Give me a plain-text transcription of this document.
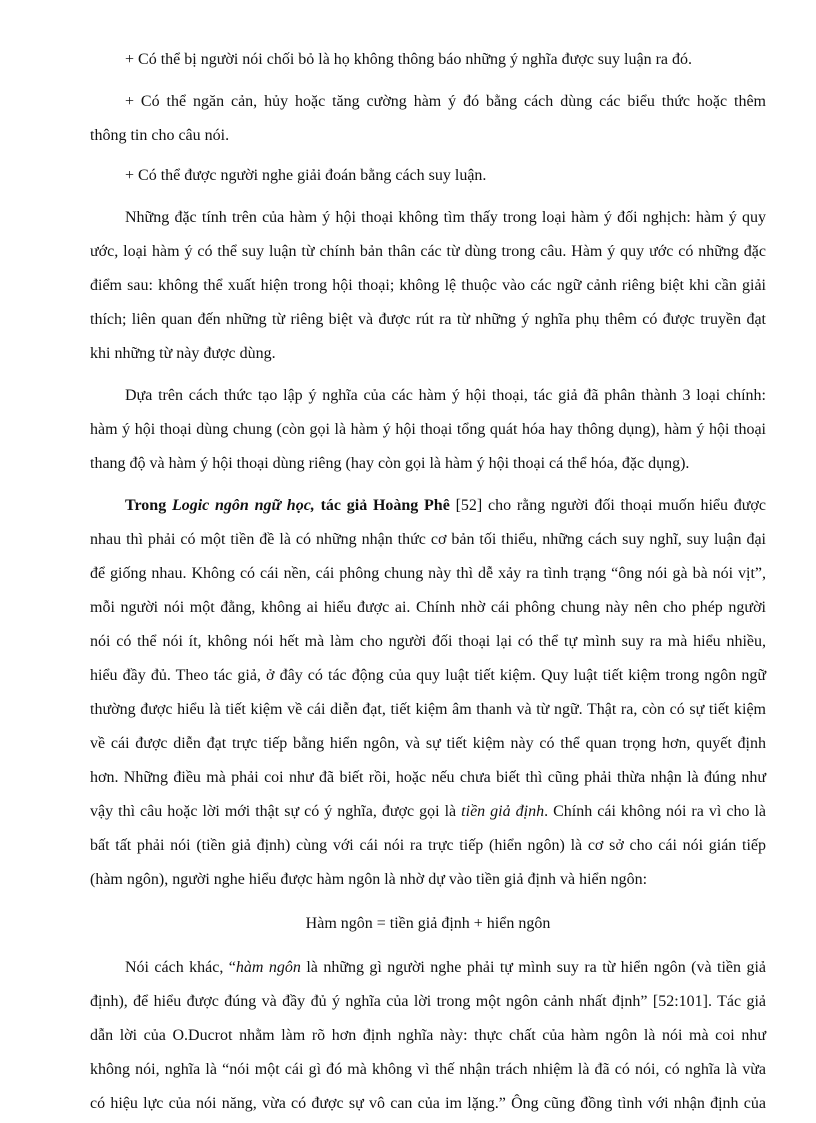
+ Có thể bị người nói chối bỏ là họ không thông báo những ý nghĩa được suy luận ra đó.
+ Có thể ngăn cản, hủy hoặc tăng cường hàm ý đó bằng cách dùng các biểu thức hoặc thêm
thông tin cho câu nói.
+ Có thể được người nghe giải đoán bằng cách suy luận.
Những đặc tính trên của hàm ý hội thoại không tìm thấy trong loại hàm ý đối nghịch: hàm ý quy
ước, loại hàm ý có thể suy luận từ chính bản thân các từ dùng trong câu. Hàm ý quy ước có những đặc
điểm sau: không thể xuất hiện trong hội thoại; không lệ thuộc vào các ngữ cảnh riêng biệt khi cần giải
thích; liên quan đến những từ riêng biệt và được rút ra từ những ý nghĩa phụ thêm có được truyền đạt
khi những từ này được dùng.
Dựa trên cách thức tạo lập ý nghĩa của các hàm ý hội thoại, tác giả đã phân thành 3 loại chính:
hàm ý hội thoại dùng chung (còn gọi là hàm ý hội thoại tổng quát hóa hay thông dụng), hàm ý hội thoại
thang độ và hàm ý hội thoại dùng riêng (hay còn gọi là hàm ý hội thoại cá thể hóa, đặc dụng).
Trong Logic ngôn ngữ học, tác giả Hoàng Phê [52] cho rằng người đối thoại muốn hiểu được
nhau thì phải có một tiền đề là có những nhận thức cơ bản tối thiểu, những cách suy nghĩ, suy luận đại
để giống nhau. Không có cái nền, cái phông chung này thì dễ xảy ra tình trạng “ông nói gà bà nói vịt”,
mỗi người nói một đằng, không ai hiểu được ai. Chính nhờ cái phông chung này nên cho phép người
nói có thể nói ít, không nói hết mà làm cho người đối thoại lại có thể tự mình suy ra mà hiểu nhiều,
hiểu đầy đủ. Theo tác giả, ở đây có tác động của quy luật tiết kiệm. Quy luật tiết kiệm trong ngôn ngữ
thường được hiểu là tiết kiệm về cái diễn đạt, tiết kiệm âm thanh và từ ngữ. Thật ra, còn có sự tiết kiệm
về cái được diễn đạt trực tiếp bằng hiển ngôn, và sự tiết kiệm này có thể quan trọng hơn, quyết định
hơn. Những điều mà phải coi như đã biết rồi, hoặc nếu chưa biết thì cũng phải thừa nhận là đúng như
vậy thì câu hoặc lời mới thật sự có ý nghĩa, được gọi là tiền giả định. Chính cái không nói ra vì cho là
bất tất phải nói (tiền giả định) cùng với cái nói ra trực tiếp (hiển ngôn) là cơ sở cho cái nói gián tiếp
(hàm ngôn), người nghe hiểu được hàm ngôn là nhờ dự vào tiền giả định và hiển ngôn:
Hàm ngôn = tiền giả định + hiển ngôn
Nói cách khác, “hàm ngôn là những gì người nghe phải tự mình suy ra từ hiển ngôn (và tiền giả
định), để hiểu được đúng và đầy đủ ý nghĩa của lời trong một ngôn cảnh nhất định” [52:101]. Tác giả
dẫn lời của O.Ducrot nhằm làm rõ hơn định nghĩa này: thực chất của hàm ngôn là nói mà coi như
không nói, nghĩa là “nói một cái gì đó mà không vì thế nhận trách nhiệm là đã có nói, có nghĩa là vừa
có hiệu lực của nói năng, vừa có được sự vô can của im lặng.” Ông cũng đồng tình với nhận định của
